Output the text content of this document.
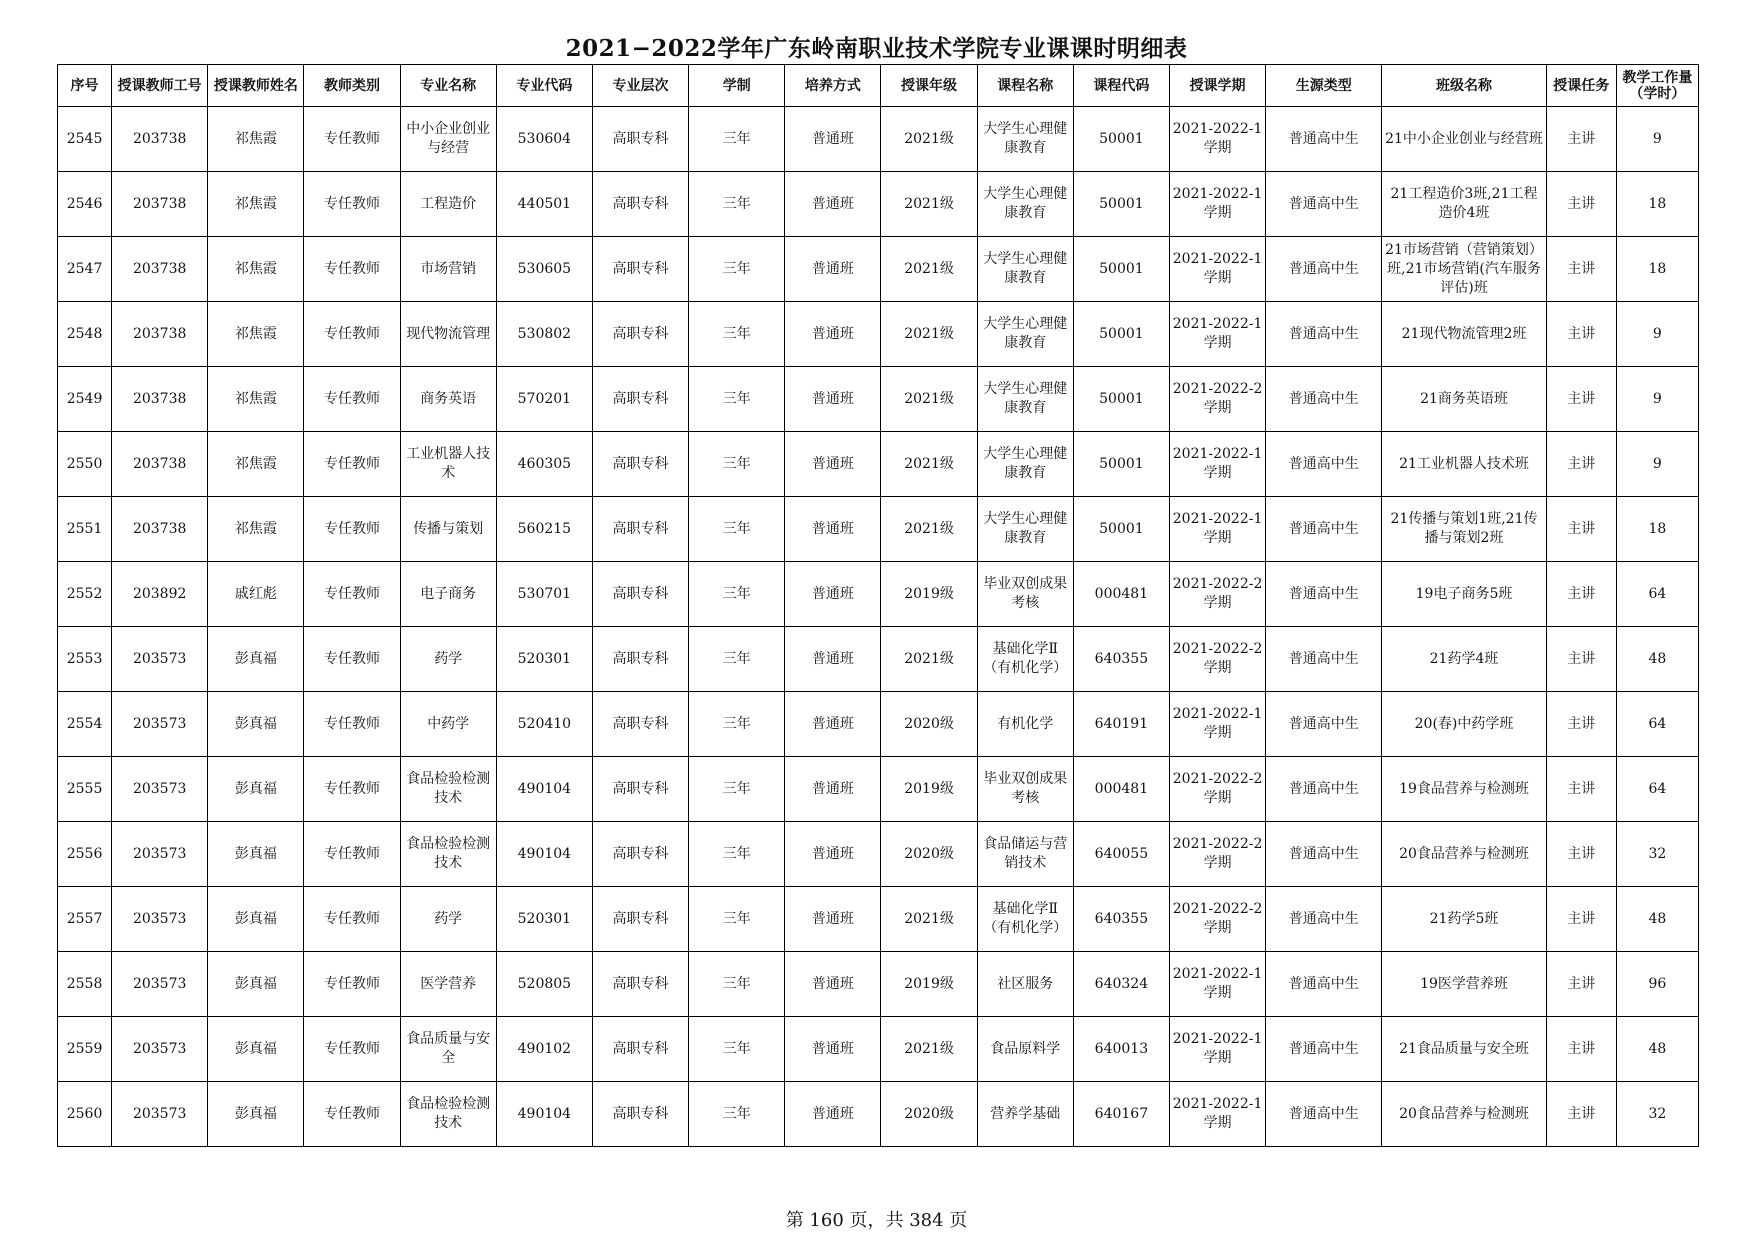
2021−2022学年广东岭南职业技术学院专业课课时明细表
序号	授课教师工号	授课教师姓名	教师类别	专业名称	专业代码	专业层次	学制	培养方式	授课年级	课程名称	课程代码	授课学期	生源类型	班级名称	授课任务	教学工作量（学时）
2545	203738	祁焦霞	专任教师	中小企业创业与经营	530604	高职专科	三年	普通班	2021级	大学生心理健康教育	50001	2021-2022-1学期	普通高中生	21中小企业创业与经营班	主讲	9
2546	203738	祁焦霞	专任教师	工程造价	440501	高职专科	三年	普通班	2021级	大学生心理健康教育	50001	2021-2022-1学期	普通高中生	21工程造价3班,21工程造价4班	主讲	18
2547	203738	祁焦霞	专任教师	市场营销	530605	高职专科	三年	普通班	2021级	大学生心理健康教育	50001	2021-2022-1学期	普通高中生	21市场营销（营销策划）班,21市场营销(汽车服务评估)班	主讲	18
2548	203738	祁焦霞	专任教师	现代物流管理	530802	高职专科	三年	普通班	2021级	大学生心理健康教育	50001	2021-2022-1学期	普通高中生	21现代物流管理2班	主讲	9
2549	203738	祁焦霞	专任教师	商务英语	570201	高职专科	三年	普通班	2021级	大学生心理健康教育	50001	2021-2022-2学期	普通高中生	21商务英语班	主讲	9
2550	203738	祁焦霞	专任教师	工业机器人技术	460305	高职专科	三年	普通班	2021级	大学生心理健康教育	50001	2021-2022-1学期	普通高中生	21工业机器人技术班	主讲	9
2551	203738	祁焦霞	专任教师	传播与策划	560215	高职专科	三年	普通班	2021级	大学生心理健康教育	50001	2021-2022-1学期	普通高中生	21传播与策划1班,21传播与策划2班	主讲	18
2552	203892	戚红彪	专任教师	电子商务	530701	高职专科	三年	普通班	2019级	毕业双创成果考核	000481	2021-2022-2学期	普通高中生	19电子商务5班	主讲	64
2553	203573	彭真福	专任教师	药学	520301	高职专科	三年	普通班	2021级	基础化学Ⅱ（有机化学）	640355	2021-2022-2学期	普通高中生	21药学4班	主讲	48
2554	203573	彭真福	专任教师	中药学	520410	高职专科	三年	普通班	2020级	有机化学	640191	2021-2022-1学期	普通高中生	20(春)中药学班	主讲	64
2555	203573	彭真福	专任教师	食品检验检测技术	490104	高职专科	三年	普通班	2019级	毕业双创成果考核	000481	2021-2022-2学期	普通高中生	19食品营养与检测班	主讲	64
2556	203573	彭真福	专任教师	食品检验检测技术	490104	高职专科	三年	普通班	2020级	食品储运与营销技术	640055	2021-2022-2学期	普通高中生	20食品营养与检测班	主讲	32
2557	203573	彭真福	专任教师	药学	520301	高职专科	三年	普通班	2021级	基础化学Ⅱ（有机化学）	640355	2021-2022-2学期	普通高中生	21药学5班	主讲	48
2558	203573	彭真福	专任教师	医学营养	520805	高职专科	三年	普通班	2019级	社区服务	640324	2021-2022-1学期	普通高中生	19医学营养班	主讲	96
2559	203573	彭真福	专任教师	食品质量与安全	490102	高职专科	三年	普通班	2021级	食品原料学	640013	2021-2022-1学期	普通高中生	21食品质量与安全班	主讲	48
2560	203573	彭真福	专任教师	食品检验检测技术	490104	高职专科	三年	普通班	2020级	营养学基础	640167	2021-2022-1学期	普通高中生	20食品营养与检测班	主讲	32
第 160 页，共 384 页
